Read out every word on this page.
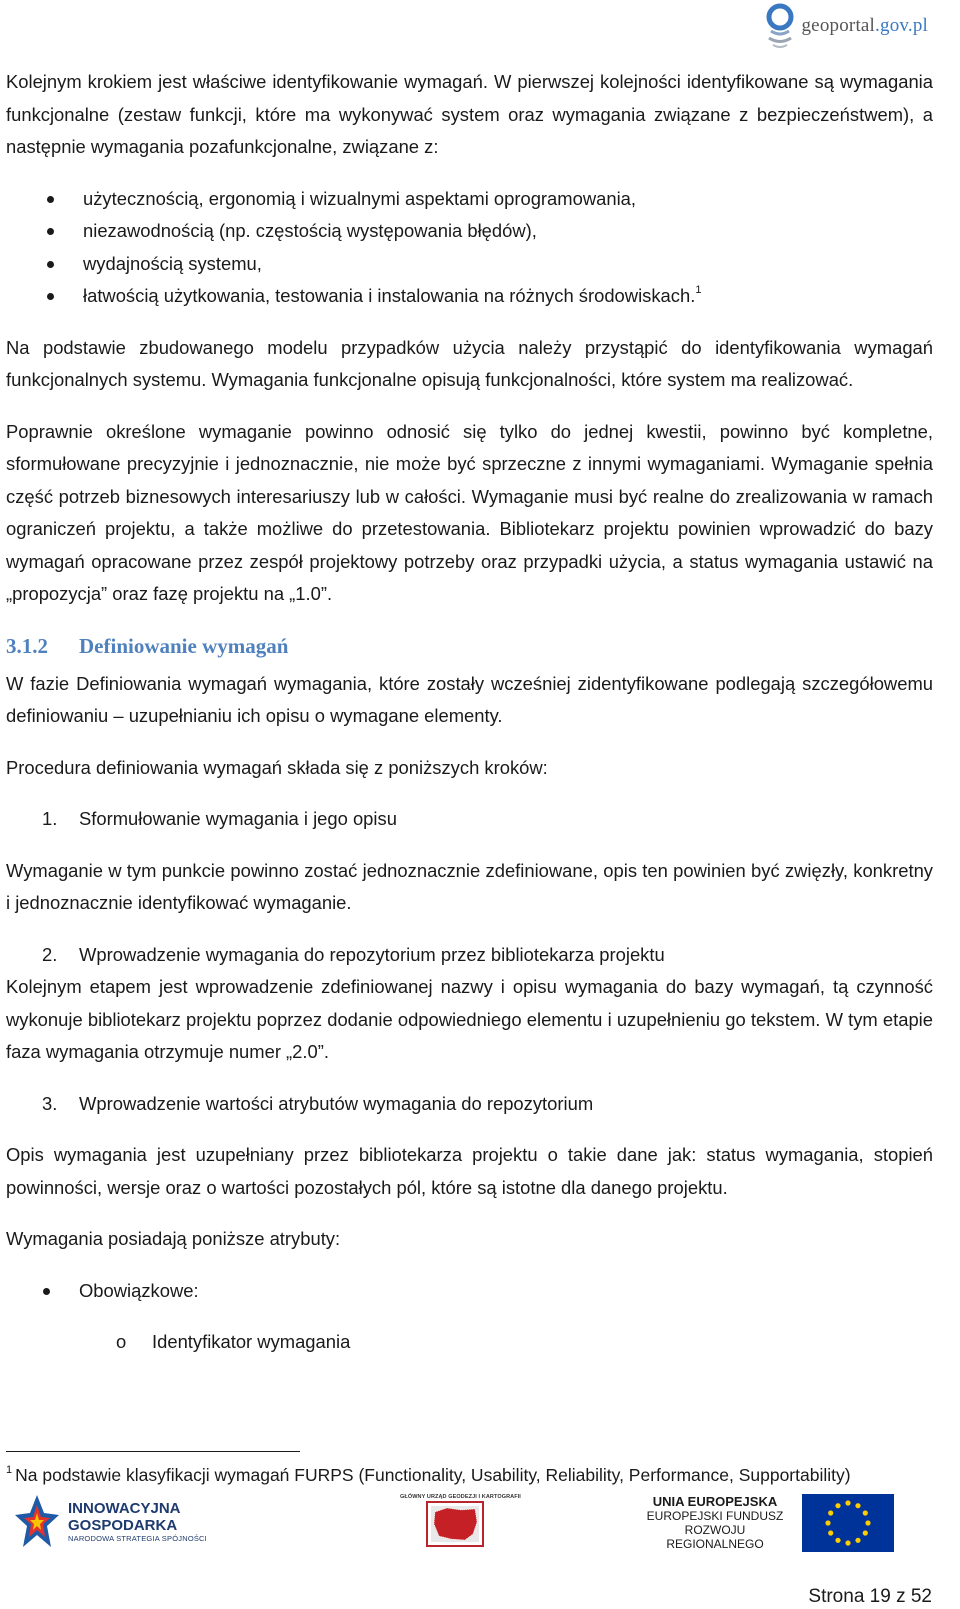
geoportal.gov.pl

Kolejnym krokiem jest właściwe identyfikowanie wymagań. W pierwszej kolejności identyfikowane są wymagania funkcjonalne (zestaw funkcji, które ma wykonywać system oraz wymagania związane z bezpieczeństwem), a następnie wymagania pozafunkcjonalne, związane z:

użytecznością, ergonomią i wizualnymi aspektami oprogramowania,
niezawodnością (np. częstością występowania błędów),
wydajnością systemu,
łatwością użytkowania, testowania i instalowania na różnych środowiskach.$^1$

Na podstawie zbudowanego modelu przypadków użycia należy przystąpić do identyfikowania wymagań funkcjonalnych systemu. Wymagania funkcjonalne opisują funkcjonalności, które system ma realizować.

Poprawnie określone wymaganie powinno odnosić się tylko do jednej kwestii, powinno być kompletne, sformułowane precyzyjnie i jednoznacznie, nie może być sprzeczne z innymi wymaganiami. Wymaganie spełnia część potrzeb biznesowych interesariuszy lub w całości. Wymaganie musi być realne do zrealizowania w ramach ograniczeń projektu, a także możliwe do przetestowania. Bibliotekarz projektu powinien wprowadzić do bazy wymagań opracowane przez zespół projektowy potrzeby oraz przypadki użycia, a status wymagania ustawić na „propozycja” oraz fazę projektu na „1.0”.

3.1.2 Definiowanie wymagań

W fazie Definiowania wymagań wymagania, które zostały wcześniej zidentyfikowane podlegają szczegółowemu definiowaniu – uzupełnianiu ich opisu o wymagane elementy.

Procedura definiowania wymagań składa się z poniższych kroków:

1. Sformułowanie wymagania i jego opisu

Wymaganie w tym punkcie powinno zostać jednoznacznie zdefiniowane, opis ten powinien być zwięzły, konkretny i jednoznacznie identyfikować wymaganie.

2. Wprowadzenie wymagania do repozytorium przez bibliotekarza projektu

Kolejnym etapem jest wprowadzenie zdefiniowanej nazwy i opisu wymagania do bazy wymagań, tą czynność wykonuje bibliotekarz projektu poprzez dodanie odpowiedniego elementu i uzupełnieniu go tekstem. W tym etapie faza wymagania otrzymuje numer „2.0”.

3. Wprowadzenie wartości atrybutów wymagania do repozytorium

Opis wymagania jest uzupełniany przez bibliotekarza projektu o takie dane jak: status wymagania, stopień powinności, wersje oraz o wartości pozostałych pól, które są istotne dla danego projektu.

Wymagania posiadają poniższe atrybuty:

Obowiązkowe:
o Identyfikator wymagania
$^1$ Na podstawie klasyfikacji wymagań FURPS (Functionality, Usability, Reliability, Performance, Supportability)
INNOWACYJNA
GOSPODARKA
NARODOWA STRATEGIA SPÓJNOŚCI
GŁÓWNY URZĄD GEODEZJI I KARTOGRAFII	UNIA EUROPEJSKA
EUROPEJSKI FUNDUSZ
ROZWOJU REGIONALNEGO
Strona 19 z 52
